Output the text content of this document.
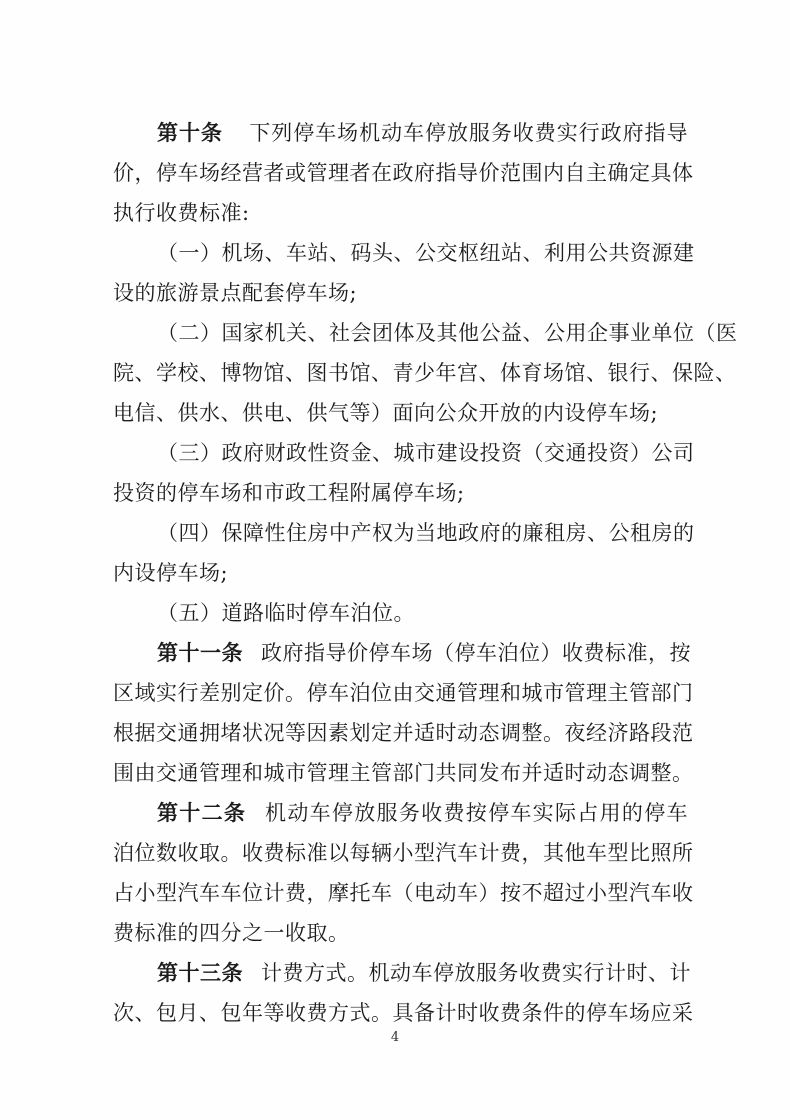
第十条 下列停车场机动车停放服务收费实行政府指导
价，停车场经营者或管理者在政府指导价范围内自主确定具体
执行收费标准:
（一）机场、车站、码头、公交枢纽站、利用公共资源建
设的旅游景点配套停车场;
（二）国家机关、社会团体及其他公益、公用企事业单位（医
院、学校、博物馆、图书馆、青少年宫、体育场馆、银行、保险、
电信、供水、供电、供气等）面向公众开放的内设停车场;
（三）政府财政性资金、城市建设投资（交通投资）公司
投资的停车场和市政工程附属停车场;
（四）保障性住房中产权为当地政府的廉租房、公租房的
内设停车场;
（五）道路临时停车泊位。
第十一条 政府指导价停车场（停车泊位）收费标准，按
区域实行差别定价。停车泊位由交通管理和城市管理主管部门
根据交通拥堵状况等因素划定并适时动态调整。夜经济路段范
围由交通管理和城市管理主管部门共同发布并适时动态调整。
第十二条 机动车停放服务收费按停车实际占用的停车
泊位数收取。收费标准以每辆小型汽车计费，其他车型比照所
占小型汽车车位计费，摩托车（电动车）按不超过小型汽车收
费标准的四分之一收取。
第十三条 计费方式。机动车停放服务收费实行计时、计
次、包月、包年等收费方式。具备计时收费条件的停车场应采
4
